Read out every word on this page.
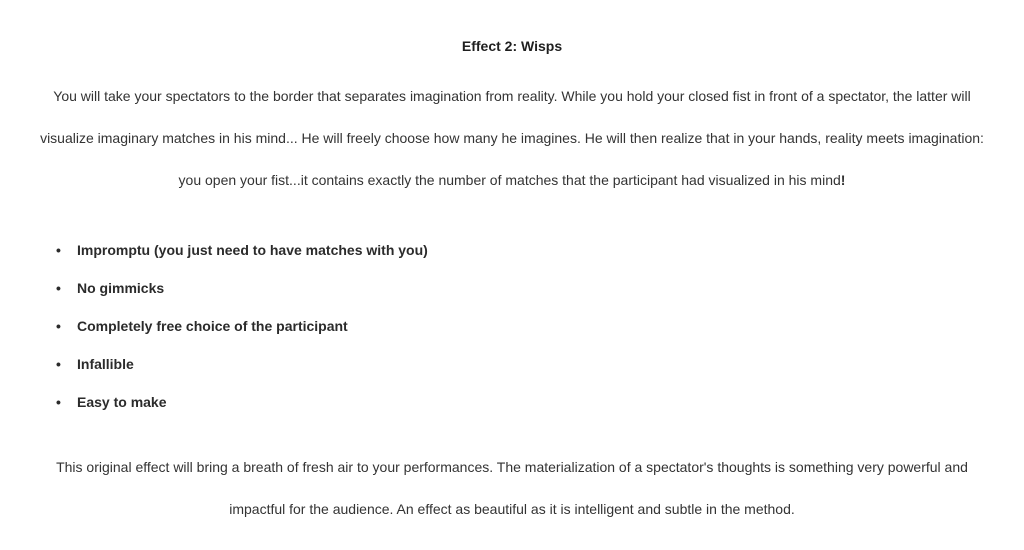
Effect 2: Wisps

You will take your spectators to the border that separates imagination from reality. While you hold your closed fist in front of a spectator, the latter will visualize imaginary matches in his mind... He will freely choose how many he imagines. He will then realize that in your hands, reality meets imagination: you open your fist...it contains exactly the number of matches that the participant had visualized in his mind!

• Impromptu (you just need to have matches with you)
• No gimmicks
• Completely free choice of the participant
• Infallible
• Easy to make

This original effect will bring a breath of fresh air to your performances. The materialization of a spectator's thoughts is something very powerful and impactful for the audience. An effect as beautiful as it is intelligent and subtle in the method.
